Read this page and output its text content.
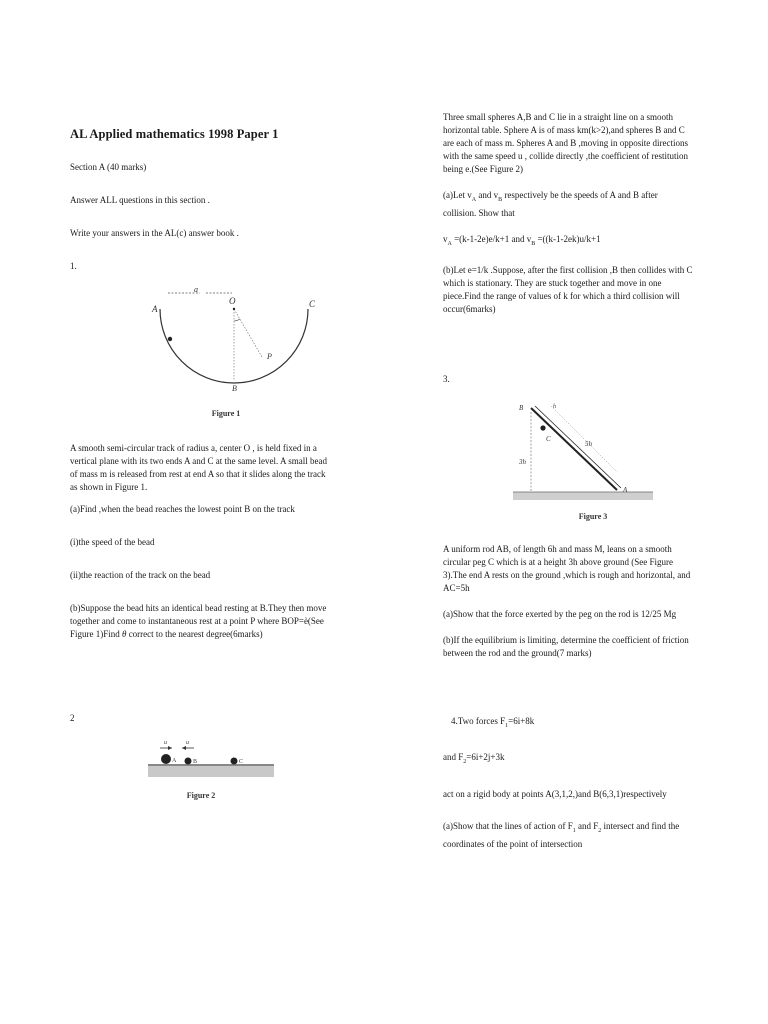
AL Applied mathematics 1998 Paper 1
Section A (40 marks)
Answer ALL questions in this section .
Write your answers in the AL(c) answer book .
1.
a
A
O	C
P
B
Figure 1
A smooth semi-circular track of radius a, center O , is held fixed in a vertical plane with its two ends A and C at the same level. A small bead of mass m is released from rest at end A so that it slides along the track as shown in Figure 1.
(a)Find ,when the bead reaches the lowest point B on the track
(i)the speed of the bead
(ii)the reaction of the track on the bead
(b)Suppose the bead hits an identical bead resting at B.They then move together and come to instantaneous rest at a point P where BOP=è(See Figure 1)Find θ correct to the nearest degree(6marks)
2
u	u
A	B	C
Figure 2
Three small spheres A,B and C lie in a straight line on a smooth horizontal table. Sphere A is of mass km(k>2),and spheres B and C are each of mass m. Spheres A and B ,moving in opposite directions with the same speed u , collide directly ,the coefficient of restitution being e.(See Figure 2)
(a)Let $v_A$ and $v_B$ respectively be the speeds of A and B after collision. Show that
$v_A =(k-1-2e)e/k+1$ and $v_B =((k-1-2ek)u/k+1$
(b)Let e=1/k .Suppose, after the first collision ,B then collides with C which is stationary. They are stuck together and move in one piece.Find the range of values of k for which a third collision will occur(6marks)
3.
B
C
3h
5h
h
A
Figure 3
A uniform rod AB, of length 6h and mass M, leans on a smooth circular peg C which is at a height 3h above ground (See Figure 3).The end A rests on the ground ,which is rough and horizontal, and AC=5h
(a)Show that the force exerted by the peg on the rod is 12/25 Mg
(b)If the equilibrium is limiting, determine the coefficient of friction between the rod and the ground(7 marks)
4.Two forces $F_1=6i+8k$
and $F_2=6i+2j+3k$
act on a rigid body at points A(3,1,2,)and B(6,3,1)respectively
(a)Show that the lines of action of $F_1$ and $F_2$ intersect and find the coordinates of the point of intersection
